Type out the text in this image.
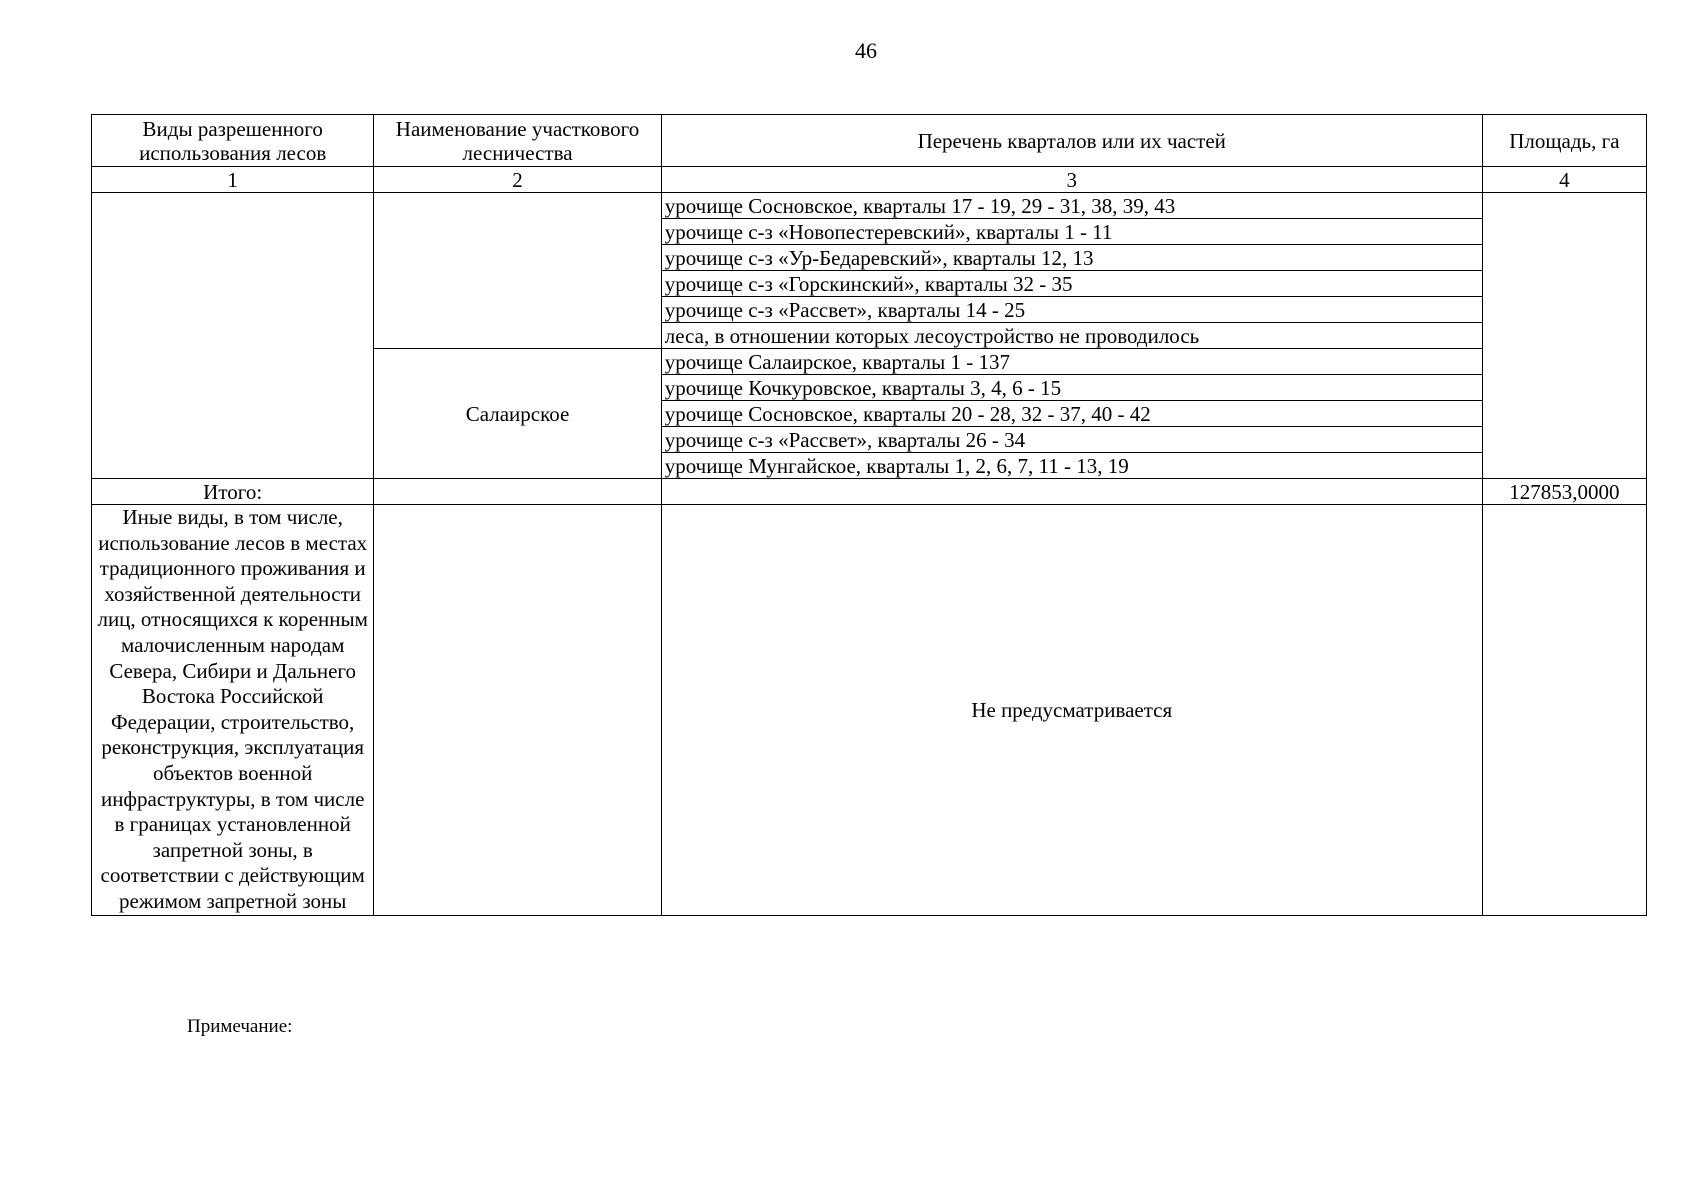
46
Виды разрешенного использования лесов	Наименование участкового лесничества	Перечень кварталов или их частей	Площадь, га
1	2	3	4
		урочище Сосновское, кварталы 17 - 19, 29 - 31, 38, 39, 43	
		урочище с-з «Новопестеревский», кварталы 1 - 11	
		урочище с-з «Ур-Бедаревский», кварталы 12, 13	
		урочище с-з «Горскинский», кварталы 32 - 35	
		урочище с-з «Рассвет», кварталы 14 - 25	
		леса, в отношении которых лесоустройство не проводилось	
	Салаирское	урочище Салаирское, кварталы 1 - 137	
		урочище Кочкуровское, кварталы 3, 4, 6 - 15	
		урочище Сосновское, кварталы 20 - 28, 32 - 37, 40 - 42	
		урочище с-з «Рассвет», кварталы 26 - 34	
		урочище Мунгайское, кварталы 1, 2, 6, 7, 11 - 13, 19	
Итого:			127853,0000
Иные виды, в том числе, использование лесов в местах традиционного проживания и хозяйственной деятельности лиц, относящихся к коренным малочисленным народам Севера, Сибири и Дальнего Востока Российской Федерации, строительство, реконструкция, эксплуатация объектов военной инфраструктуры, в том числе в границах установленной запретной зоны, в соответствии с действующим режимом запретной зоны		Не предусматривается	
Примечание:
